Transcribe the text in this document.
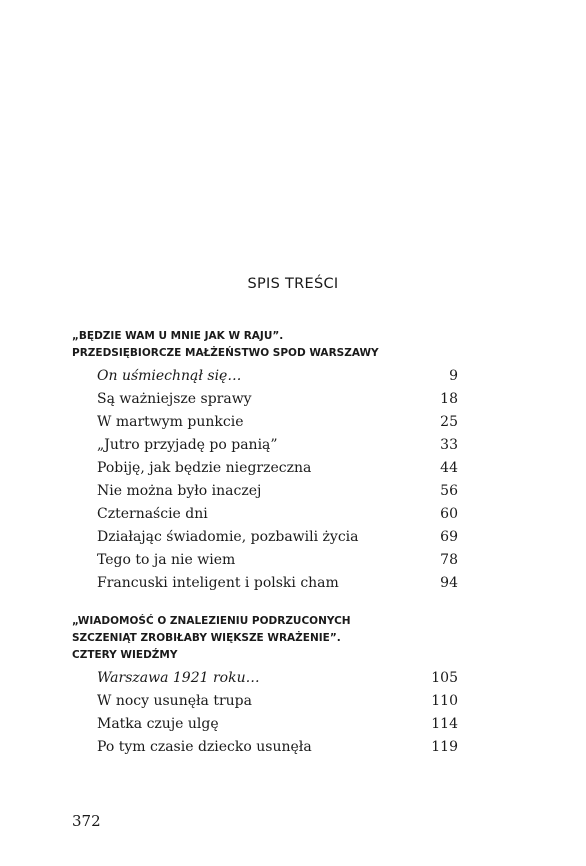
SPIS TREŚCI
„BĘDZIE WAM U MNIE JAK W RAJU”.
PRZEDSIĘBIORCZE MAŁŻEŃSTWO SPOD WARSZAWY
On uśmiechnął się…	9
Są ważniejsze sprawy	18
W martwym punkcie	25
„Jutro przyjadę po panią”	33
Pobiję, jak będzie niegrzeczna	44
Nie można było inaczej	56
Czternaście dni	60
Działając świadomie, pozbawili życia	69
Tego to ja nie wiem	78
Francuski inteligent i polski cham	94
„WIADOMOŚĆ O ZNALEZIENIU PODRZUCONYCH
SZCZENIĄT ZROBIŁABY WIĘKSZE WRAŻENIE”.
CZTERY WIEDŹMY
Warszawa 1921 roku…	105
W nocy usunęła trupa	110
Matka czuje ulgę	114
Po tym czasie dziecko usunęła	119
372
